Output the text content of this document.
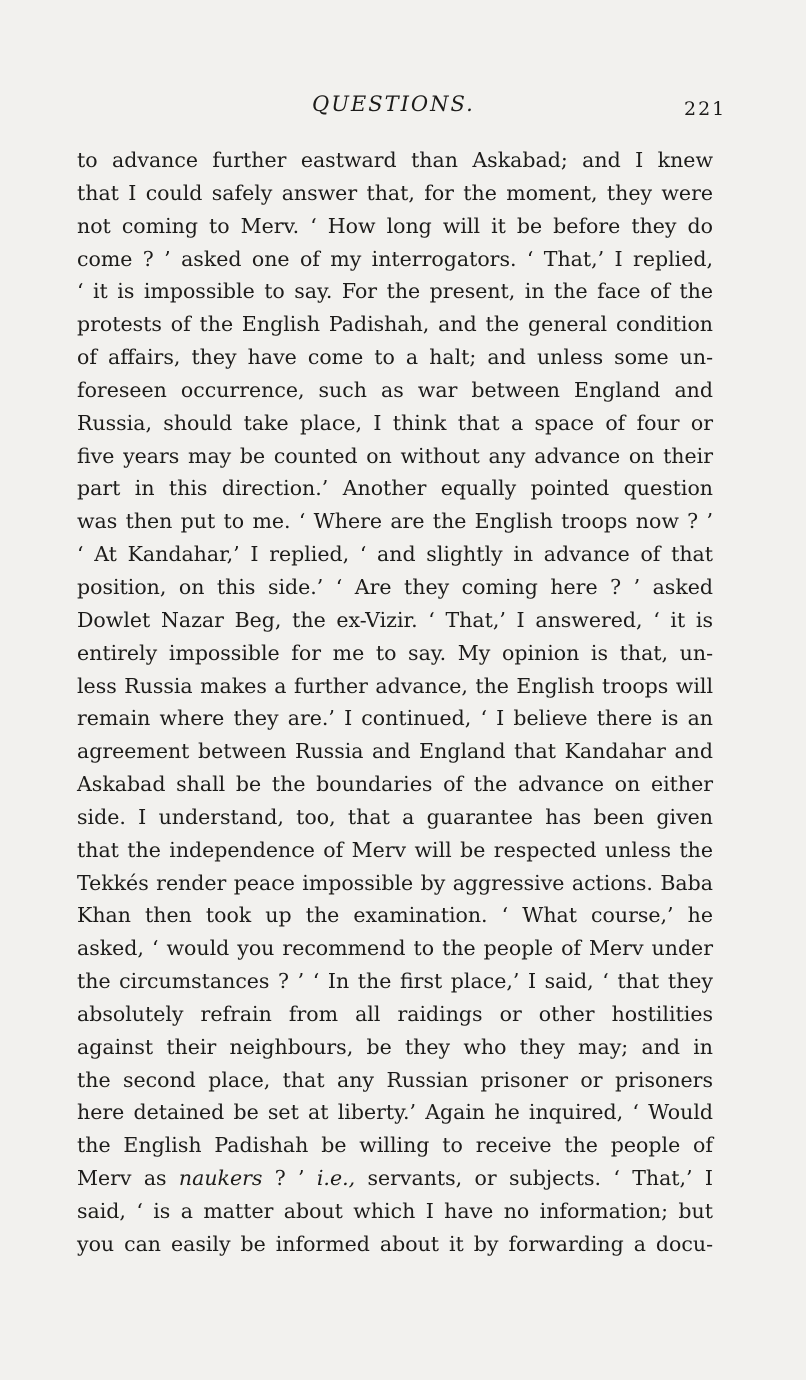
QUESTIONS.	221
to advance further eastward than Askabad; and I knew
that I could safely answer that, for the moment, they were
not coming to Merv. ‘ How long will it be before they do
come ? ’ asked one of my interrogators. ‘ That,’ I replied,
‘ it is impossible to say. For the present, in the face of the
protests of the English Padishah, and the general condition
of affairs, they have come to a halt; and unless some un-
foreseen occurrence, such as war between England and
Russia, should take place, I think that a space of four or
five years may be counted on without any advance on their
part in this direction.’ Another equally pointed question
was then put to me. ‘ Where are the English troops now ? ’
‘ At Kandahar,’ I replied, ‘ and slightly in advance of that
position, on this side.’ ‘ Are they coming here ? ’ asked
Dowlet Nazar Beg, the ex-Vizir. ‘ That,’ I answered, ‘ it is
entirely impossible for me to say. My opinion is that, un-
less Russia makes a further advance, the English troops will
remain where they are.’ I continued, ‘ I believe there is an
agreement between Russia and England that Kandahar and
Askabad shall be the boundaries of the advance on either
side. I understand, too, that a guarantee has been given
that the independence of Merv will be respected unless the
Tekkés render peace impossible by aggressive actions. Baba
Khan then took up the examination. ‘ What course,’ he
asked, ‘ would you recommend to the people of Merv under
the circumstances ? ’ ‘ In the first place,’ I said, ‘ that they
absolutely refrain from all raidings or other hostilities
against their neighbours, be they who they may; and in
the second place, that any Russian prisoner or prisoners
here detained be set at liberty.’ Again he inquired, ‘ Would
the English Padishah be willing to receive the people of
Merv as naukers ? ’ i.e., servants, or subjects. ‘ That,’ I
said, ‘ is a matter about which I have no information; but
you can easily be informed about it by forwarding a docu-
